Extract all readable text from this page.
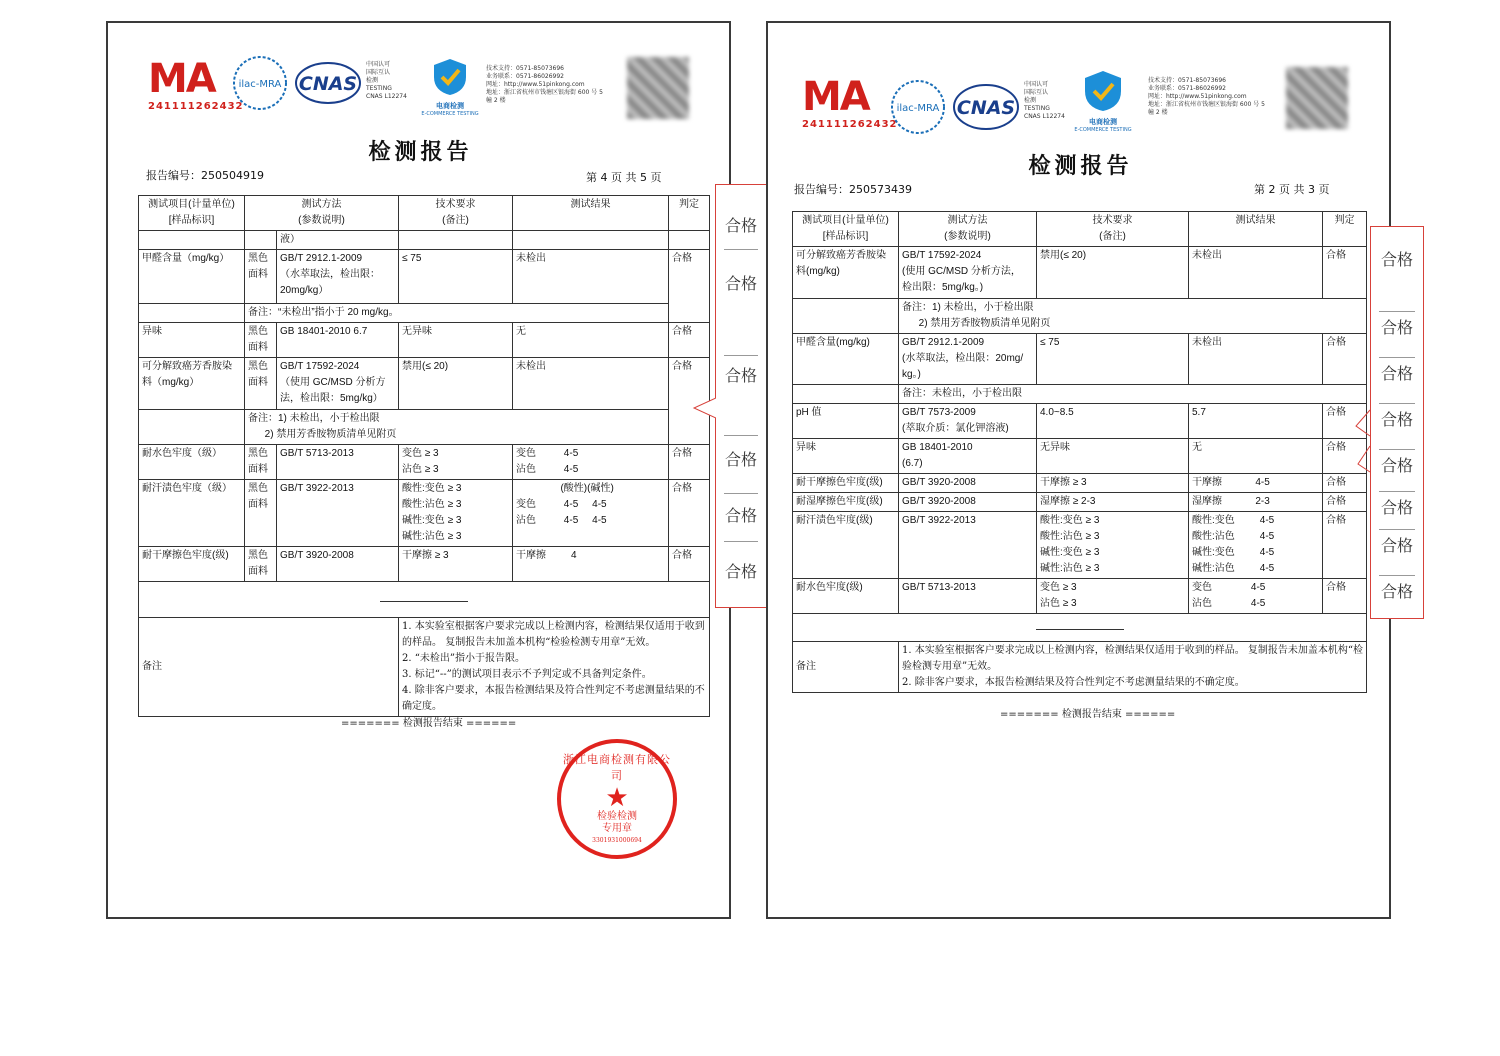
MA
241111262432
ilac-MRA CNAS
中国认可
国际互认
检测
TESTING
CNAS L12274
电商检测
E-COMMERCE TESTING
技术支持：0571-85073696
业务联系：0571-86026992
网址：http://www.51pinkong.com
地址：浙江省杭州市钱塘区银海街 600 号 5
幢 2 楼
检测报告
报告编号：250504919	第 4 页 共 5 页
测试项目(计量单位)
[样品标识]	测试方法
(参数说明)		技术要求
(备注)	测试结果	判定
		液）			
甲醛含量（mg/kg）	黑色
面料	GB/T 2912.1-2009
（水萃取法，检出限：
20mg/kg）	≤ 75	未检出	合格
	备注：“未检出”指小于 20 mg/kg。				
异味	黑色
面料	GB 18401-2010 6.7	无异味	无	合格
可分解致癌芳香胺染
料（mg/kg）	黑色
面料	GB/T 17592-2024
（使用 GC/MSD 分析方
法，检出限：5mg/kg）	禁用(≤ 20)	未检出	合格
	备注：1) 未检出，小于检出限
2) 禁用芳香胺物质清单见附页				
耐水色牢度（级）	黑色
面料	GB/T 5713-2013	变色 ≥ 3
沾色 ≥ 3	变色          4-5
沾色          4-5	合格
耐汗渍色牢度（级）	黑色
面料	GB/T 3922-2013	酸性:变色 ≥ 3
酸性:沾色 ≥ 3
碱性:变色 ≥ 3
碱性:沾色 ≥ 3	(酸性)(碱性)
变色          4-5     4-5
沾色          4-5     4-5	合格
耐干摩擦色牢度(级)	黑色
面料	GB/T 3920-2008	干摩擦 ≥ 3	干摩擦         4	合格

备注			1. 本实验室根据客户要求完成以上检测内容，检测结果仅适用于收到的样品。 复制报告未加盖本机构“检验检测专用章”无效。
2. “未检出”指小于报告限。
3. 标记“--”的测试项目表示不予判定或不具备判定条件。
4. 除非客户要求，本报告检测结果及符合性判定不考虑测量结果的不确定度。		
======= 检测报告结束 ======
浙江电商检测有限公司
★
检验检测
专用章
3301931000694
合格
合格
合格
合格
合格
合格
MA
241111262432
ilac-MRA CNAS
中国认可
国际互认
检测
TESTING
CNAS L12274
电商检测
E-COMMERCE TESTING
技术支持：0571-85073696
业务联系：0571-86026992
网址：http://www.51pinkong.com
地址：浙江省杭州市钱塘区银海街 600 号 5
幢 2 楼
检测报告
报告编号：250573439	第 2 页 共 3 页
测试项目(计量单位)
[样品标识]	测试方法
(参数说明)	技术要求
(备注)	测试结果	判定
可分解致癌芳香胺染
料(mg/kg)	GB/T 17592-2024
(使用 GC/MSD 分析方法，
检出限：5mg/kg。)	禁用(≤ 20)	未检出	合格
	备注：1) 未检出，小于检出限
2) 禁用芳香胺物质清单见附页			
甲醛含量(mg/kg)	GB/T 2912.1-2009
(水萃取法，检出限：20mg/
kg。)	≤ 75	未检出	合格
	备注：未检出，小于检出限			
pH 值	GB/T 7573-2009
(萃取介质：氯化钾溶液)	4.0~8.5	5.7	合格
异味	GB 18401-2010
(6.7)	无异味	无	合格
耐干摩擦色牢度(级)	GB/T 3920-2008	干摩擦 ≥ 3	干摩擦            4-5	合格
耐湿摩擦色牢度(级)	GB/T 3920-2008	湿摩擦 ≥ 2-3	湿摩擦            2-3	合格
耐汗渍色牢度(级)	GB/T 3922-2013	酸性:变色 ≥ 3
酸性:沾色 ≥ 3
碱性:变色 ≥ 3
碱性:沾色 ≥ 3	酸性:变色         4-5
酸性:沾色         4-5
碱性:变色         4-5
碱性:沾色         4-5	合格
耐水色牢度(级)	GB/T 5713-2013	变色 ≥ 3
沾色 ≥ 3	变色              4-5
沾色              4-5	合格

备注	1. 本实验室根据客户要求完成以上检测内容，检测结果仅适用于收到的样品。 复制报告未加盖本机构“检验检测专用章”无效。
2. 除非客户要求，本报告检测结果及符合性判定不考虑测量结果的不确定度。			
======= 检测报告结束 ======
合格
合格
合格
合格
合格
合格
合格
合格
